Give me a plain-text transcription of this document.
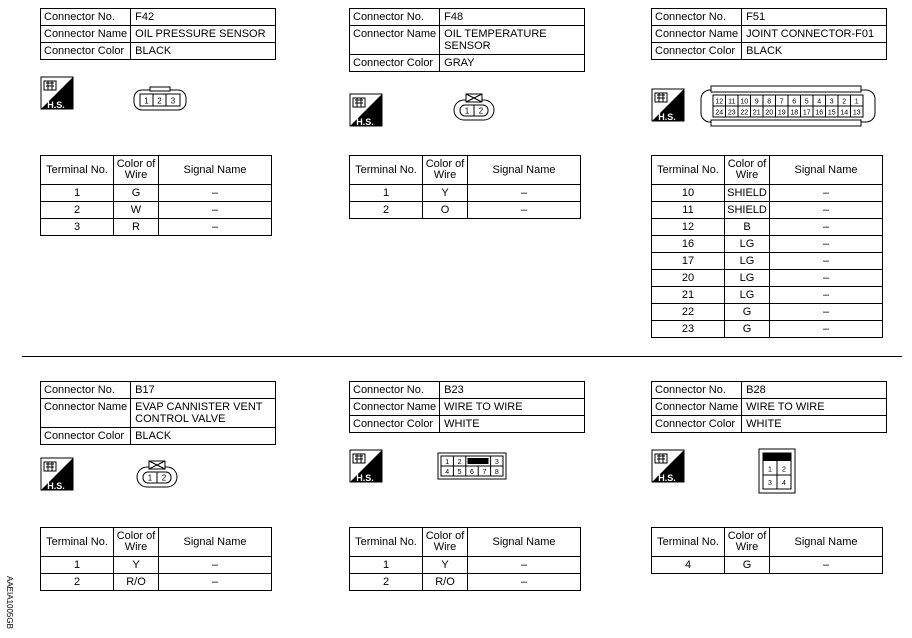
Connector No.	F42
Connector Name	OIL PRESSURE SENSOR
Connector Color	BLACK
H.S.	1 2 3
Terminal No.	Color of Wire	Signal Name
1	G	–
2	W	–
3	R	–
Connector No.	F48
Connector Name	OIL TEMPERATURE SENSOR
Connector Color	GRAY
H.S.
1 2
Terminal No.	Color of Wire	Signal Name
1	Y	–
2	O	–
Connector No.	F51
Connector Name	JOINT CONNECTOR-F01
Connector Color	BLACK
H.S.
12 11 10 9 8 7 6 5 4 3 2 1
24 23 22 21 20 19 18 17 16 15 14 13
Terminal No.	Color of Wire	Signal Name
10	SHIELD	–
11	SHIELD	–
12	B	–
16	LG	–
17	LG	–
20	LG	–
21	LG	–
22	G	–
23	G	–
Connector No.	B17
Connector Name	EVAP CANNISTER VENT CONTROL VALVE
Connector Color	BLACK
H.S.
1 2
Terminal No.	Color of Wire	Signal Name
1	Y	–
2	R/O	–
Connector No.	B23
Connector Name	WIRE TO WIRE
Connector Color	WHITE
H.S.
1 2	3
4 5 6 7 8
Terminal No.	Color of Wire	Signal Name
1	Y	–
2	R/O	–
Connector No.	B28
Connector Name	WIRE TO WIRE
Connector Color	WHITE
H.S.
1 2
3 4
Terminal No.	Color of Wire	Signal Name
4	G	–
AAEIA1005GB
